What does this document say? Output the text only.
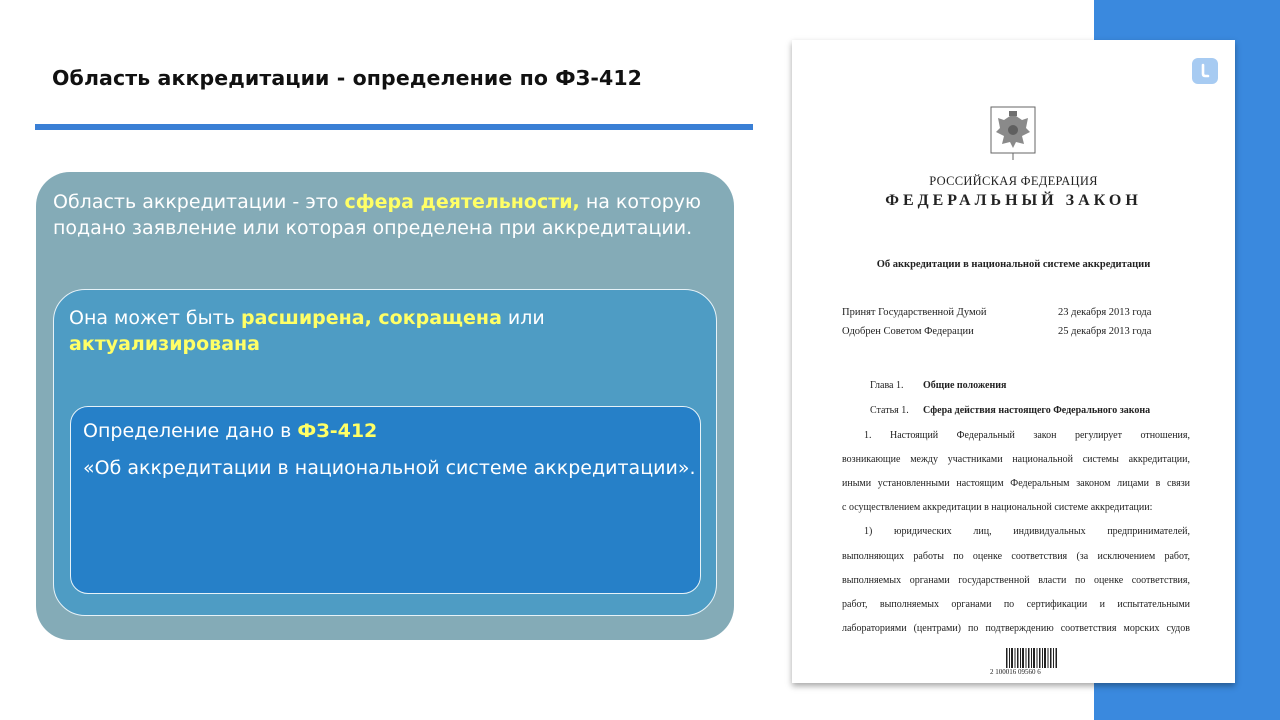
Область аккредитации - определение по ФЗ-412

Область аккредитации - это сфера деятельности, на которую

подано заявление или которая определена при аккредитации.

Она может быть расширена, сокращена или

актуализирована

Определение дано в ФЗ-412

«Об аккредитации в национальной системе аккредитации».

РОССИЙСКАЯ ФЕДЕРАЦИЯ

ФЕДЕРАЛЬНЫЙ ЗАКОН

Об аккредитации в национальной системе аккредитации

Принят Государственной Думой	23 декабря 2013 года

Одобрен Советом Федерации	25 декабря 2013 года

Глава 1. Общие положения

Статья 1. Сфера действия настоящего Федерального закона

1. Настоящий Федеральный закон регулирует отношения,

возникающие между участниками национальной системы аккредитации,

иными установленными настоящим Федеральным законом лицами в связи

с осуществлением аккредитации в национальной системе аккредитации:

1) юридических лиц, индивидуальных предпринимателей,

выполняющих работы по оценке соответствия (за исключением работ,

выполняемых органами государственной власти по оценке соответствия,

работ, выполняемых органами по сертификации и испытательными

лабораториями (центрами) по подтверждению соответствия морских судов

2 100016 09560 6
